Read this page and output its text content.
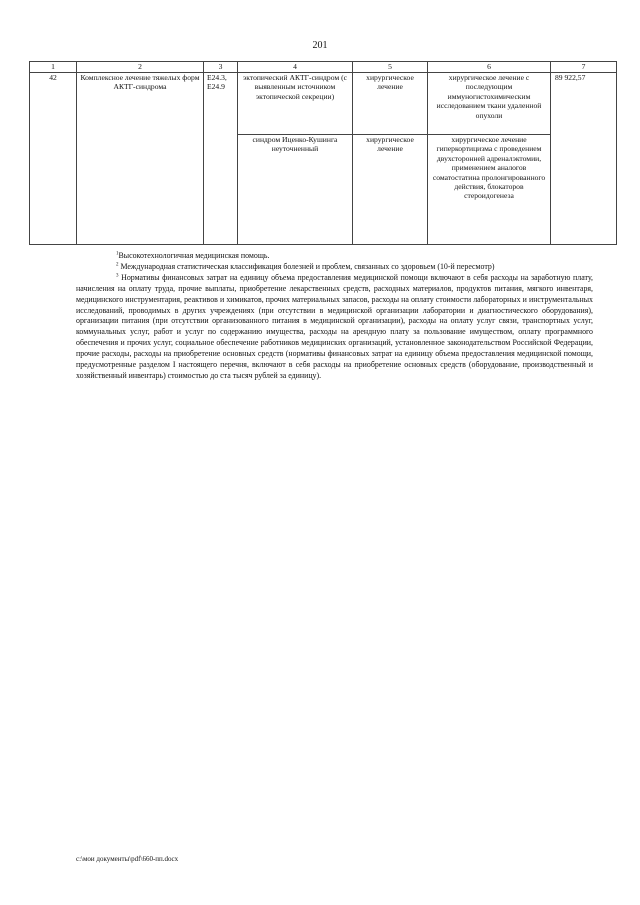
201
1	2	3	4	5	6	7
42	Комплексное лечение тяжелых форм АКТГ-синдрома	E24.3, E24.9	эктопический АКТГ-синдром (с выявленным источником эктопической секреции)	хирургическое лечение	хирургическое лечение с последующим иммуногистохимическим исследованием ткани удаленной опухоли	89 922,57
			синдром Иценко-Кушинга неуточненный	хирургическое лечение	хирургическое лечение гиперкортицизма с проведением двухсторонней адреналэктомии, применением аналогов соматостатина пролонгированного действия, блокаторов стероидогенеза	

$^1$Высокотехнологичная медицинская помощь.

$^2$ Международная статистическая классификация болезней и проблем, связанных со здоровьем (10-й пересмотр)

$^3$ Нормативы финансовых затрат на единицу объема предоставления медицинской помощи включают в себя расходы на заработную плату, начисления на оплату труда, прочие выплаты, приобретение лекарственных средств, расходных материалов, продуктов питания, мягкого инвентаря, медицинского инструментария, реактивов и химикатов, прочих материальных запасов, расходы на оплату стоимости лабораторных и инструментальных исследований, проводимых в других учреждениях (при отсутствии в медицинской организации лаборатории и диагностического оборудования), организации питания (при отсутствии организованного питания в медицинской организации), расходы на оплату услуг связи, транспортных услуг, коммунальных услуг, работ и услуг по содержанию имущества, расходы на арендную плату за пользование имуществом, оплату программного обеспечения и прочих услуг, социальное обеспечение работников медицинских организаций, установленное законодательством Российской Федерации, прочие расходы, расходы на приобретение основных средств (нормативы финансовых затрат на единицу объема предоставления медицинской помощи, предусмотренные разделом I настоящего перечня, включают в себя расходы на приобретение основных средств (оборудование, производственный и хозяйственный инвентарь) стоимостью до ста тысяч рублей за единицу).

c:\мои документы\pdf\660-пп.docx
